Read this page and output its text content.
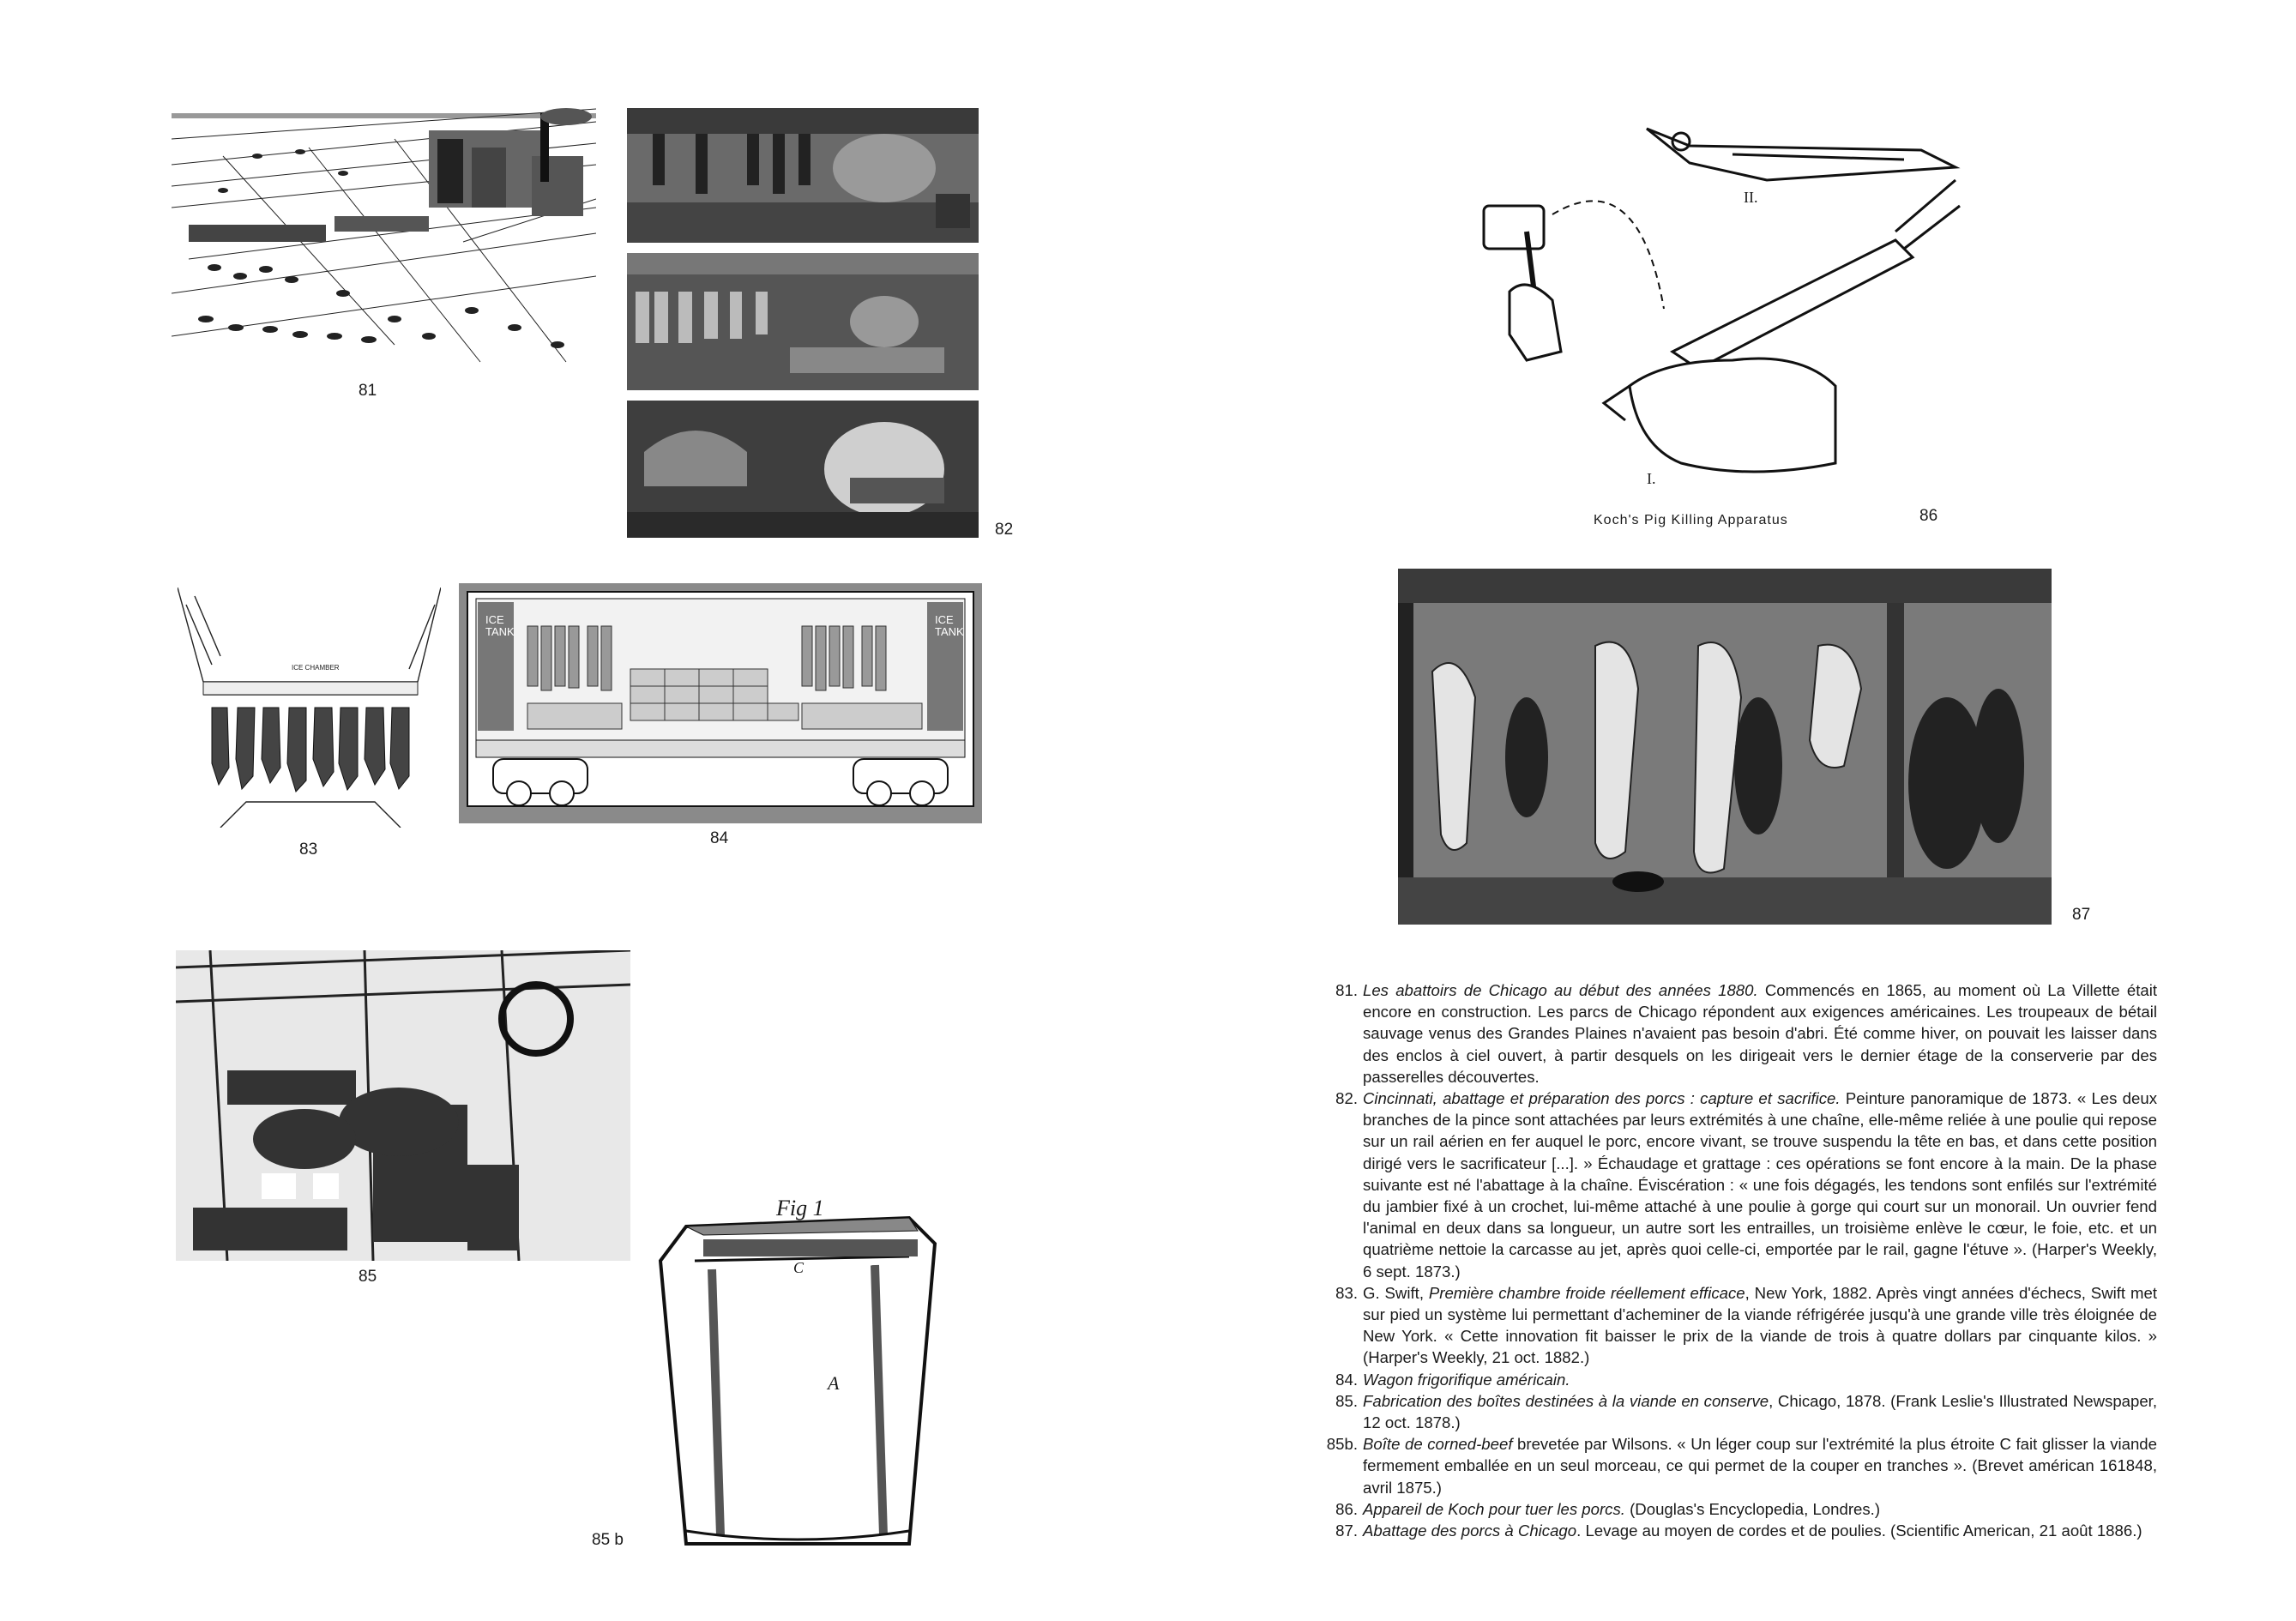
81
82
ICE CHAMBER
83
ICE
TANK
ICE
TANK
84
85
Fig 1
C
A
85 b
II.
I.
Koch's Pig Killing Apparatus	86
87
81. Les abattoirs de Chicago au début des années 1880. Commencés en 1865, au moment où La Villette était encore en construction. Les parcs de Chicago répondent aux exigences américaines. Les troupeaux de bétail sauvage venus des Grandes Plaines n'avaient pas besoin d'abri. Été comme hiver, on pouvait les laisser dans des enclos à ciel ouvert, à partir desquels on les dirigeait vers le dernier étage de la conserverie par des passerelles découvertes.
82. Cincinnati, abattage et préparation des porcs : capture et sacrifice. Peinture panoramique de 1873. « Les deux branches de la pince sont attachées par leurs extrémités à une chaîne, elle-même reliée à une poulie qui repose sur un rail aérien en fer auquel le porc, encore vivant, se trouve suspendu la tête en bas, et dans cette position dirigé vers le sacrificateur [...]. » Échaudage et grattage : ces opérations se font encore à la main. De la phase suivante est né l'abattage à la chaîne. Éviscération : « une fois dégagés, les tendons sont enfilés sur l'extrémité du jambier fixé à un crochet, lui-même attaché à une poulie à gorge qui court sur un monorail. Un ouvrier fend l'animal en deux dans sa longueur, un autre sort les entrailles, un troisième enlève le cœur, le foie, etc. et un quatrième nettoie la carcasse au jet, après quoi celle-ci, emportée par le rail, gagne l'étuve ». (Harper's Weekly, 6 sept. 1873.)
83. G. Swift, Première chambre froide réellement efficace, New York, 1882. Après vingt années d'échecs, Swift met sur pied un système lui permettant d'acheminer de la viande réfrigérée jusqu'à une grande ville très éloignée de New York. « Cette innovation fit baisser le prix de la viande de trois à quatre dollars par cinquante kilos. » (Harper's Weekly, 21 oct. 1882.)
84. Wagon frigorifique américain.
85. Fabrication des boîtes destinées à la viande en conserve, Chicago, 1878. (Frank Leslie's Illustrated Newspaper, 12 oct. 1878.)
85b. Boîte de corned-beef brevetée par Wilsons. « Un léger coup sur l'extrémité la plus étroite C fait glisser la viande fermement emballée en un seul morceau, ce qui permet de la couper en tranches ». (Brevet américan 161848, avril 1875.)
86. Appareil de Koch pour tuer les porcs. (Douglas's Encyclopedia, Londres.)
87. Abattage des porcs à Chicago. Levage au moyen de cordes et de poulies. (Scientific American, 21 août 1886.)
